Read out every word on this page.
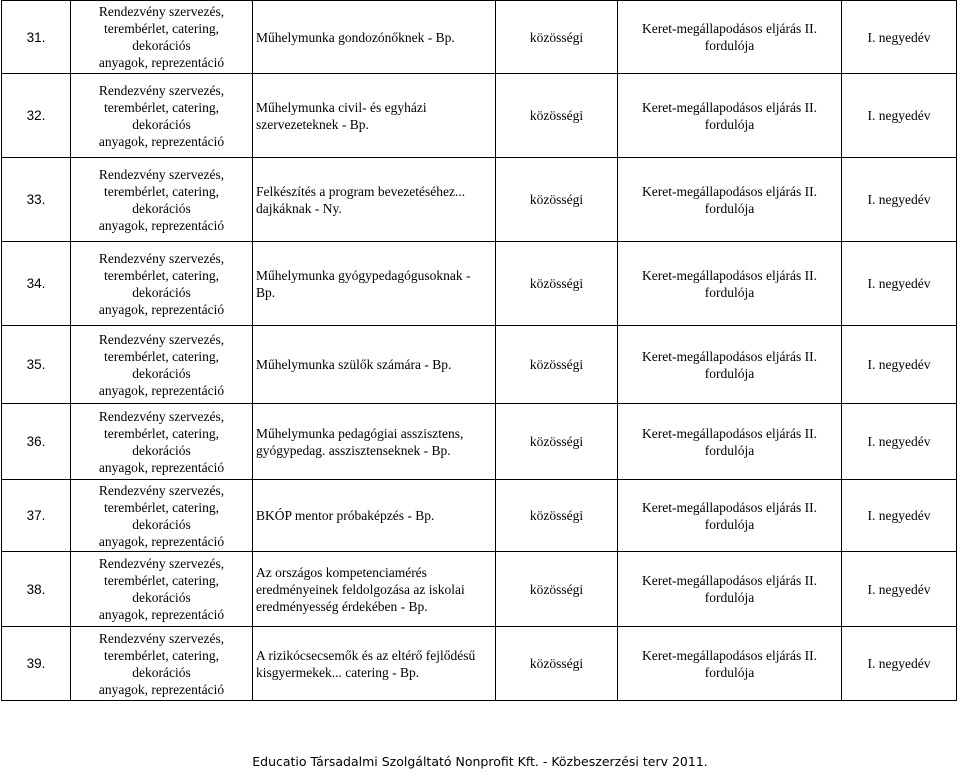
31.	Rendezvény szervezés,
terembérlet, catering, dekorációs
anyagok, reprezentáció	Műhelymunka gondozónőknek - Bp.	közösségi	Keret-megállapodásos eljárás II.
fordulója	I. negyedév
32.	Rendezvény szervezés,
terembérlet, catering, dekorációs
anyagok, reprezentáció	Műhelymunka civil- és egyházi
szervezeteknek - Bp.	közösségi	Keret-megállapodásos eljárás II.
fordulója	I. negyedév
33.	Rendezvény szervezés,
terembérlet, catering, dekorációs
anyagok, reprezentáció	Felkészítés a program bevezetéséhez...
dajkáknak - Ny.	közösségi	Keret-megállapodásos eljárás II.
fordulója	I. negyedév
34.	Rendezvény szervezés,
terembérlet, catering, dekorációs
anyagok, reprezentáció	Műhelymunka gyógypedagógusoknak -
Bp.	közösségi	Keret-megállapodásos eljárás II.
fordulója	I. negyedév
35.	Rendezvény szervezés,
terembérlet, catering, dekorációs
anyagok, reprezentáció	Műhelymunka szülők számára - Bp.	közösségi	Keret-megállapodásos eljárás II.
fordulója	I. negyedév
36.	Rendezvény szervezés,
terembérlet, catering, dekorációs
anyagok, reprezentáció	Műhelymunka pedagógiai asszisztens,
gyógypedag. asszisztenseknek - Bp.	közösségi	Keret-megállapodásos eljárás II.
fordulója	I. negyedév
37.	Rendezvény szervezés,
terembérlet, catering, dekorációs
anyagok, reprezentáció	BKÓP mentor próbaképzés - Bp.	közösségi	Keret-megállapodásos eljárás II.
fordulója	I. negyedév
38.	Rendezvény szervezés,
terembérlet, catering, dekorációs
anyagok, reprezentáció	Az országos kompetenciamérés
eredményeinek feldolgozása az iskolai
eredményesség érdekében - Bp.	közösségi	Keret-megállapodásos eljárás II.
fordulója	I. negyedév
39.	Rendezvény szervezés,
terembérlet, catering, dekorációs
anyagok, reprezentáció	A rizikócsecsemők és az eltérő fejlődésű
kisgyermekek... catering - Bp.	közösségi	Keret-megállapodásos eljárás II.
fordulója	I. negyedév
Educatio Társadalmi Szolgáltató Nonprofit Kft. - Közbeszerzési terv 2011.
